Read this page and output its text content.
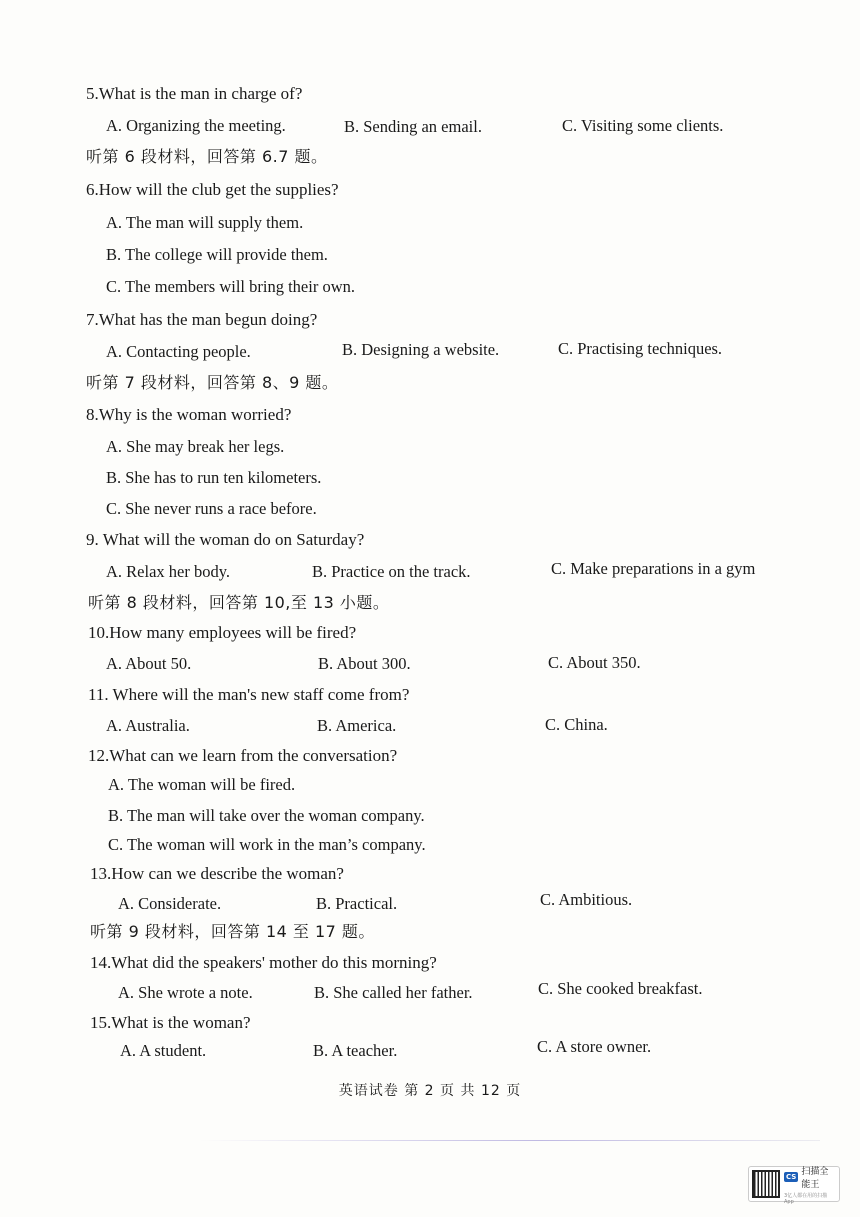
5.What is the man in charge of?
A. Organizing the meeting.	B. Sending an email.	C. Visiting some clients.
听第 6 段材料，回答第 6.7 题。
6.How will the club get the supplies?
A. The man will supply them.
B. The college will provide them.
C. The members will bring their own.
7.What has the man begun doing?
A. Contacting people.	B. Designing a website.	C. Practising techniques.
听第 7 段材料，回答第 8、9 题。
8.Why is the woman worried?
A. She may break her legs.
B. She has to run ten kilometers.
C. She never runs a race before.
9. What will the woman do on Saturday?
A. Relax her body.	B. Practice on the track.	C. Make preparations in a gym
听第 8 段材料，回答第 10,至 13 小题。
10.How many employees will be fired?
A. About 50.	B. About 300.	C. About 350.
11. Where will the man's new staff come from?
A. Australia.	B. America.	C. China.
12.What can we learn from the conversation?
A. The woman will be fired.
B. The man will take over the woman company.
C. The woman will work in the man’s company.
13.How can we describe the woman?
A. Considerate.	B. Practical.	C. Ambitious.
听第 9 段材料，回答第 14 至 17 题。
14.What did the speakers' mother do this morning?
A. She wrote a note.	B. She called her father.	C. She cooked breakfast.
15.What is the woman?
A. A student.	B. A teacher.	C. A store owner.
英语试卷 第 2 页 共 12 页
CS 扫描全能王
3亿人都在用的扫描App
